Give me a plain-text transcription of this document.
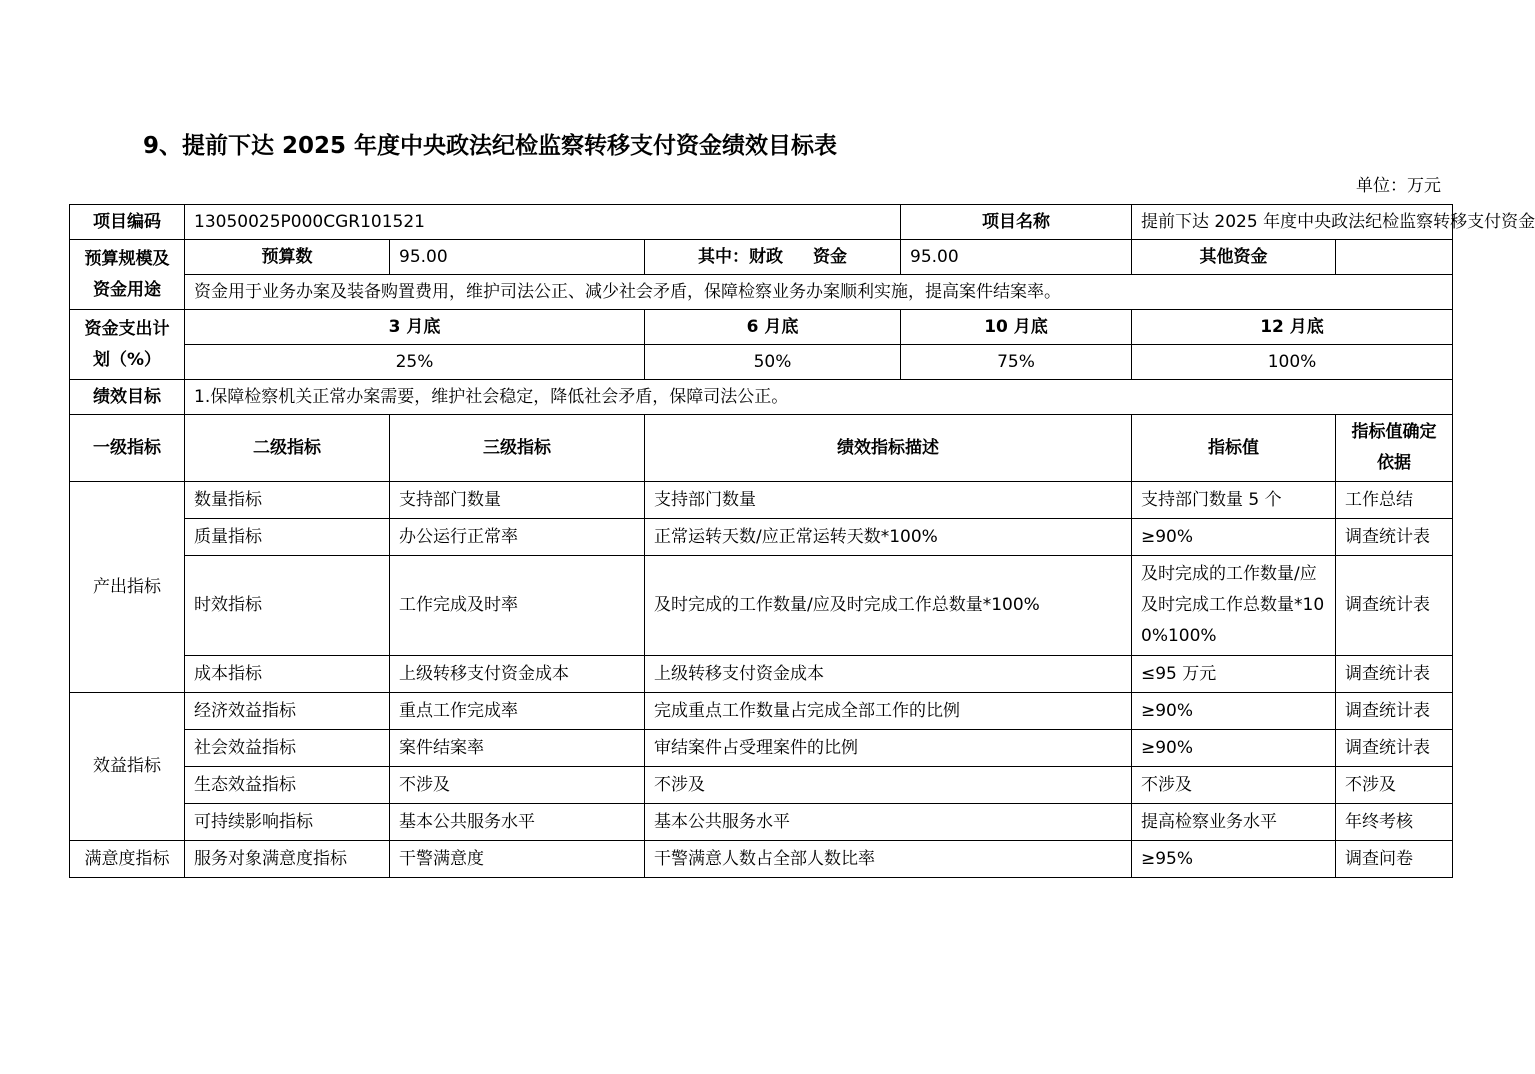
9、提前下达 2025 年度中央政法纪检监察转移支付资金绩效目标表
单位：万元
项目编码	13050025P000CGR101521			项目名称	提前下达 2025 年度中央政法纪检监察转移支付资金	

预算规模及
资金用途	预算数	95.00	其中：财政 资金	95.00	其他资金	
	资金用于业务办案及装备购置费用，维护司法公正、减少社会矛盾，保障检察业务办案顺利实施，提高案件结案率。					

资金支出计
划（%）	3 月底		6 月底	10 月底	12 月底	
	25%		50%	75%	100%	
绩效目标	1.保障检察机关正常办案需要，维护社会稳定，降低社会矛盾，保障司法公正。					
一级指标	二级指标	三级指标	绩效指标描述		指标值	指标值确定
依据

产出指标	数量指标	支持部门数量	支持部门数量		支持部门数量 5 个	工作总结
	质量指标	办公运行正常率	正常运转天数/应正常运转天数*100%		≥90%	调查统计表
	时效指标	工作完成及时率	及时完成的工作数量/应及时完成工作总数量*100%		及时完成的工作数量/应及时完成工作总数量*100%100%	调查统计表
	成本指标	上级转移支付资金成本	上级转移支付资金成本		≤95 万元	调查统计表
效益指标	经济效益指标	重点工作完成率	完成重点工作数量占完成全部工作的比例		≥90%	调查统计表
	社会效益指标	案件结案率	审结案件占受理案件的比例		≥90%	调查统计表
	生态效益指标	不涉及	不涉及		不涉及	不涉及
	可持续影响指标	基本公共服务水平	基本公共服务水平		提高检察业务水平	年终考核
满意度指标	服务对象满意度指标	干警满意度	干警满意人数占全部人数比率		≥95%	调查问卷
